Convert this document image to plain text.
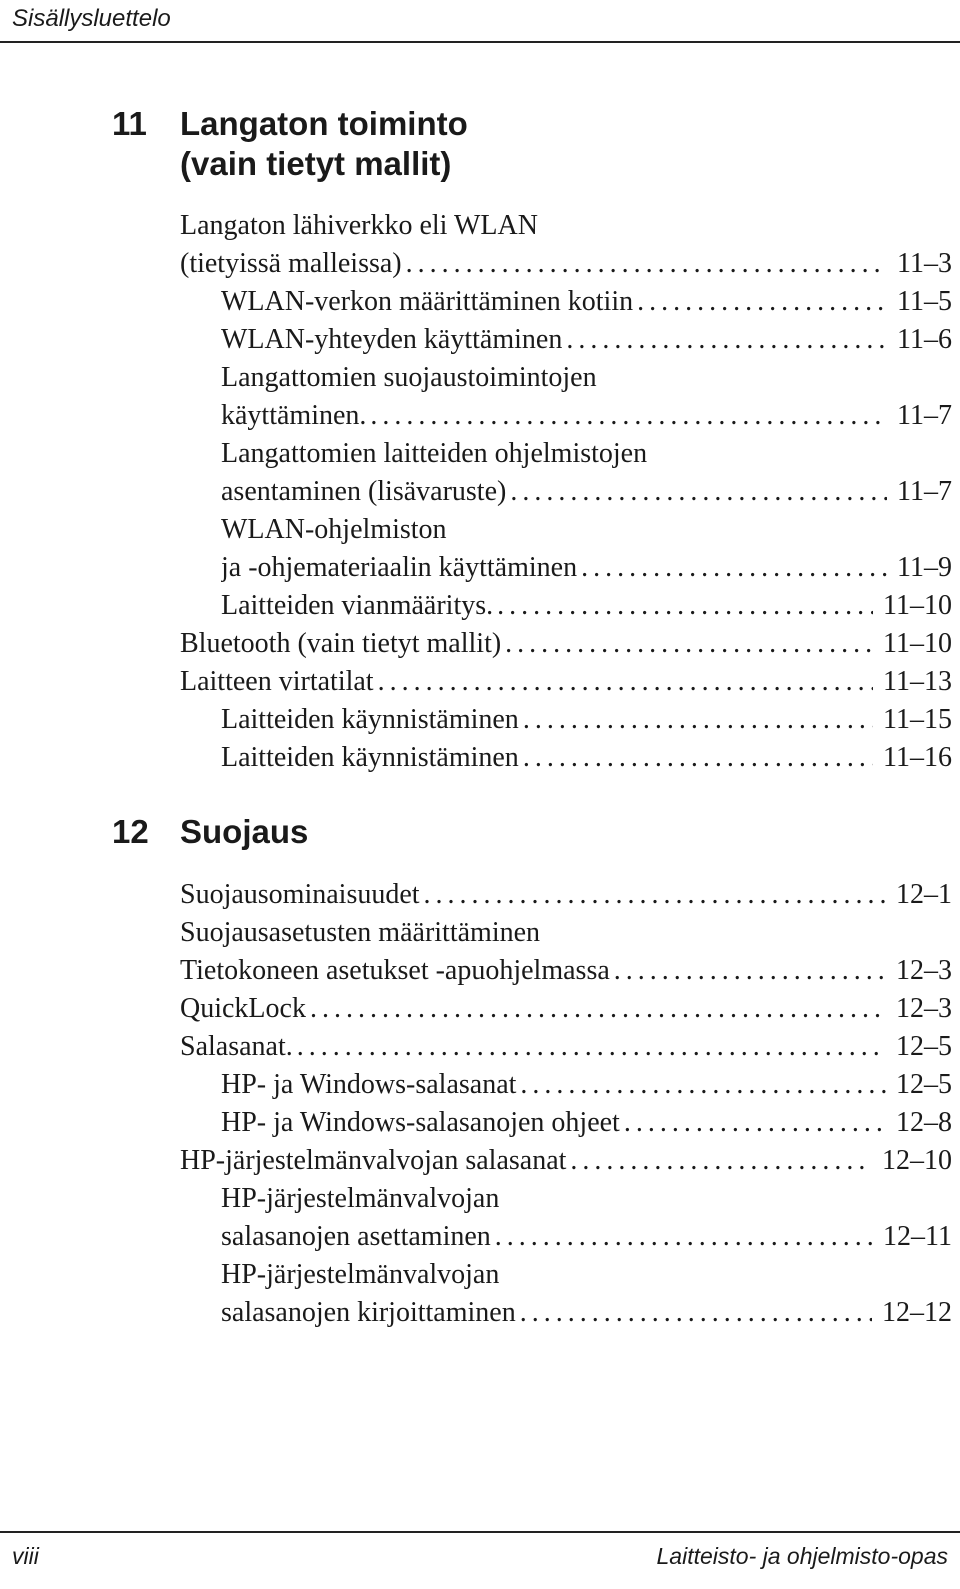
Sisällysluettelo
11 Langaton toiminto
(vain tietyt mallit)
Langaton lähiverkko eli WLAN
(tietyissä malleissa) .....	11–3
WLAN-verkon määrittäminen kotiin .....	11–5
WLAN-yhteyden käyttäminen .....	11–6
Langattomien suojaustoimintojen
käyttäminen. .....	11–7
Langattomien laitteiden ohjelmistojen
asentaminen (lisävaruste) .....	11–7
WLAN-ohjelmiston
ja -ohjemateriaalin käyttäminen .....	11–9
Laitteiden vianmääritys. .....	11–10
Bluetooth (vain tietyt mallit) .....	11–10
Laitteen virtatilat .....	11–13
Laitteiden käynnistäminen .....	11–15
Laitteiden käynnistäminen .....	11–16
12 Suojaus
Suojausominaisuudet .....	12–1
Suojausasetusten määrittäminen
Tietokoneen asetukset -apuohjelmassa .....	12–3
QuickLock .....	12–3
Salasanat. .....	12–5
HP- ja Windows-salasanat .....	12–5
HP- ja Windows-salasanojen ohjeet .....	12–8
HP-järjestelmänvalvojan salasanat .....	12–10
HP-järjestelmänvalvojan
salasanojen asettaminen .....	12–11
HP-järjestelmänvalvojan
salasanojen kirjoittaminen .....	12–12
viii	Laitteisto- ja ohjelmisto-opas
